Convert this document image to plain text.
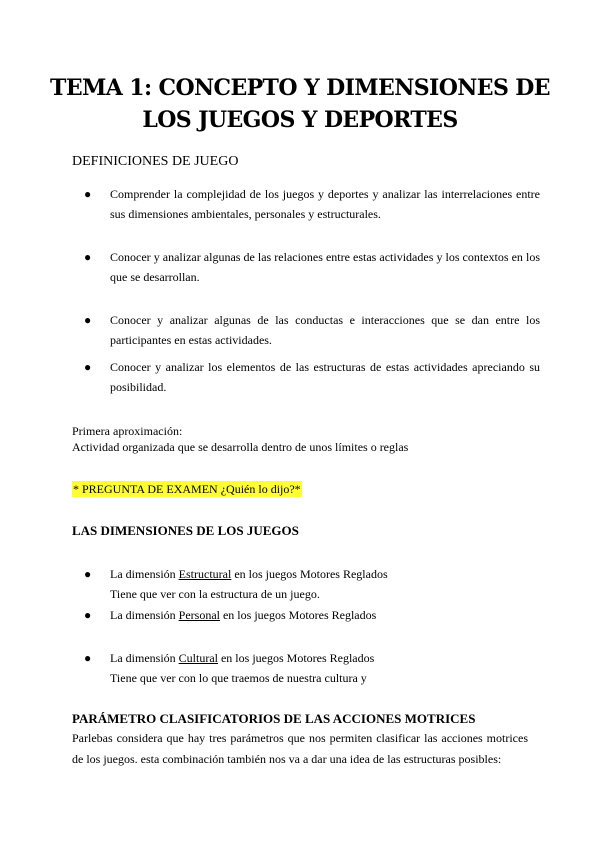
TEMA 1: CONCEPTO Y DIMENSIONES DE
LOS JUEGOS Y DEPORTES
DEFINICIONES DE JUEGO
● Comprender la complejidad de los juegos y deportes y analizar las interrelaciones entre sus dimensiones ambientales, personales y estructurales.
● Conocer y analizar algunas de las relaciones entre estas actividades y los contextos en los que se desarrollan.
● Conocer y analizar algunas de las conductas e interacciones que se dan entre los participantes en estas actividades.
● Conocer y analizar los elementos de las estructuras de estas actividades apreciando su posibilidad.
Primera aproximación:
Actividad organizada que se desarrolla dentro de unos límites o reglas
* PREGUNTA DE EXAMEN ¿Quién lo dijo?*
LAS DIMENSIONES DE LOS JUEGOS
● La dimensión Estructural en los juegos Motores Reglados
Tiene que ver con la estructura de un juego.
● La dimensión Personal en los juegos Motores Reglados
● La dimensión Cultural en los juegos Motores Reglados
Tiene que ver con lo que traemos de nuestra cultura y
PARÁMETRO CLASIFICATORIOS DE LAS ACCIONES MOTRICES
Parlebas considera que hay tres parámetros que nos permiten clasificar las acciones motrices de los juegos. esta combinación también nos va a dar una idea de las estructuras posibles:
